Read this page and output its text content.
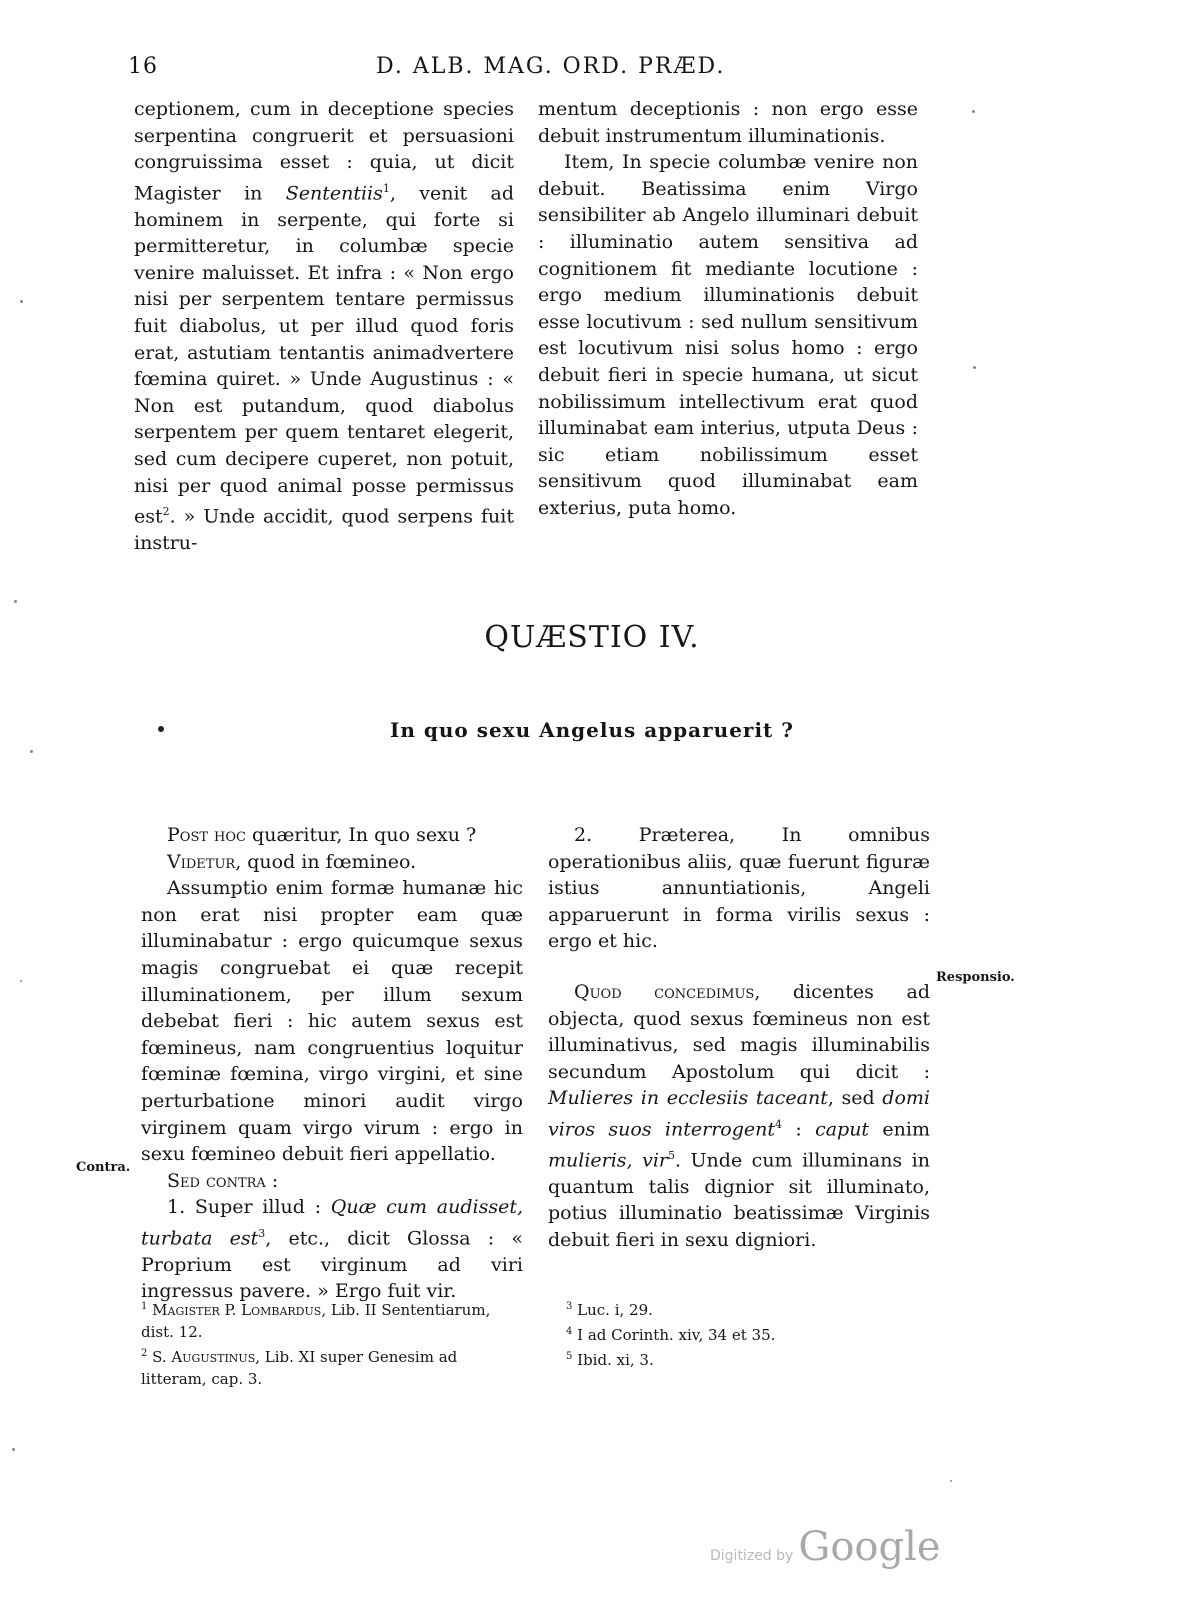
16	D. ALB. MAG. ORD. PRÆD.

ceptionem, cum in deceptione species serpentina congruerit et persuasioni congruissima esset : quia, ut dicit Magister in Sententiis$^1$, venit ad hominem in serpente, qui forte si permitteretur, in columbæ specie venire maluisset. Et infra : « Non ergo nisi per serpentem tentare permissus fuit diabolus, ut per illud quod foris erat, astutiam tentantis animadvertere fœmina quiret. » Unde Augustinus : « Non est putandum, quod diabolus serpentem per quem tentaret elegerit, sed cum decipere cuperet, non potuit, nisi per quod animal posse permissus est$^2$. » Unde accidit, quod serpens fuit instru-

mentum deceptionis : non ergo esse debuit instrumentum illuminationis.

Item, In specie columbæ venire non debuit. Beatissima enim Virgo sensibiliter ab Angelo illuminari debuit : illuminatio autem sensitiva ad cognitionem fit mediante locutione : ergo medium illuminationis debuit esse locutivum : sed nullum sensitivum est locutivum nisi solus homo : ergo debuit fieri in specie humana, ut sicut nobilissimum intellectivum erat quod illuminabat eam interius, utputa Deus : sic etiam nobilissimum esset sensitivum quod illuminabat eam exterius, puta homo.

QUÆSTIO IV.
In quo sexu Angelus apparuerit ?

Post hoc quæritur, In quo sexu ?

Videtur, quod in fœmineo.

Assumptio enim formæ humanæ hic non erat nisi propter eam quæ illuminabatur : ergo quicumque sexus magis congruebat ei quæ recepit illuminationem, per illum sexum debebat fieri : hic autem sexus est fœmineus, nam congruentius loquitur fœminæ fœmina, virgo virgini, et sine perturbatione minori audit virgo virginem quam virgo virum : ergo in sexu fœmineo debuit fieri appellatio.

Sed contra :

1. Super illud : Quæ cum audisset, turbata est$^3$, etc., dicit Glossa : « Proprium est virginum ad viri ingressus pavere. » Ergo fuit vir.

2. Præterea, In omnibus operationibus aliis, quæ fuerunt figuræ istius annuntiationis, Angeli apparuerunt in forma virilis sexus : ergo et hic.

Quod concedimus, dicentes ad objecta, quod sexus fœmineus non est illuminativus, sed magis illuminabilis secundum Apostolum qui dicit : Mulieres in ecclesiis taceant, sed domi viros suos interrogent$^4$ : caput enim mulieris, vir$^5$. Unde cum illuminans in quantum talis dignior sit illuminato, potius illuminatio beatissimæ Virginis debuit fieri in sexu digniori.

Contra.
Responsio.

$^1$ Magister P. Lombardus, Lib. II Sententiarum, dist. 12.

$^2$ S. Augustinus, Lib. XI super Genesim ad litteram, cap. 3.

$^3$ Luc. i, 29.

$^4$ I ad Corinth. xiv, 34 et 35.

$^5$ Ibid. xi, 3.

Digitized by Google
